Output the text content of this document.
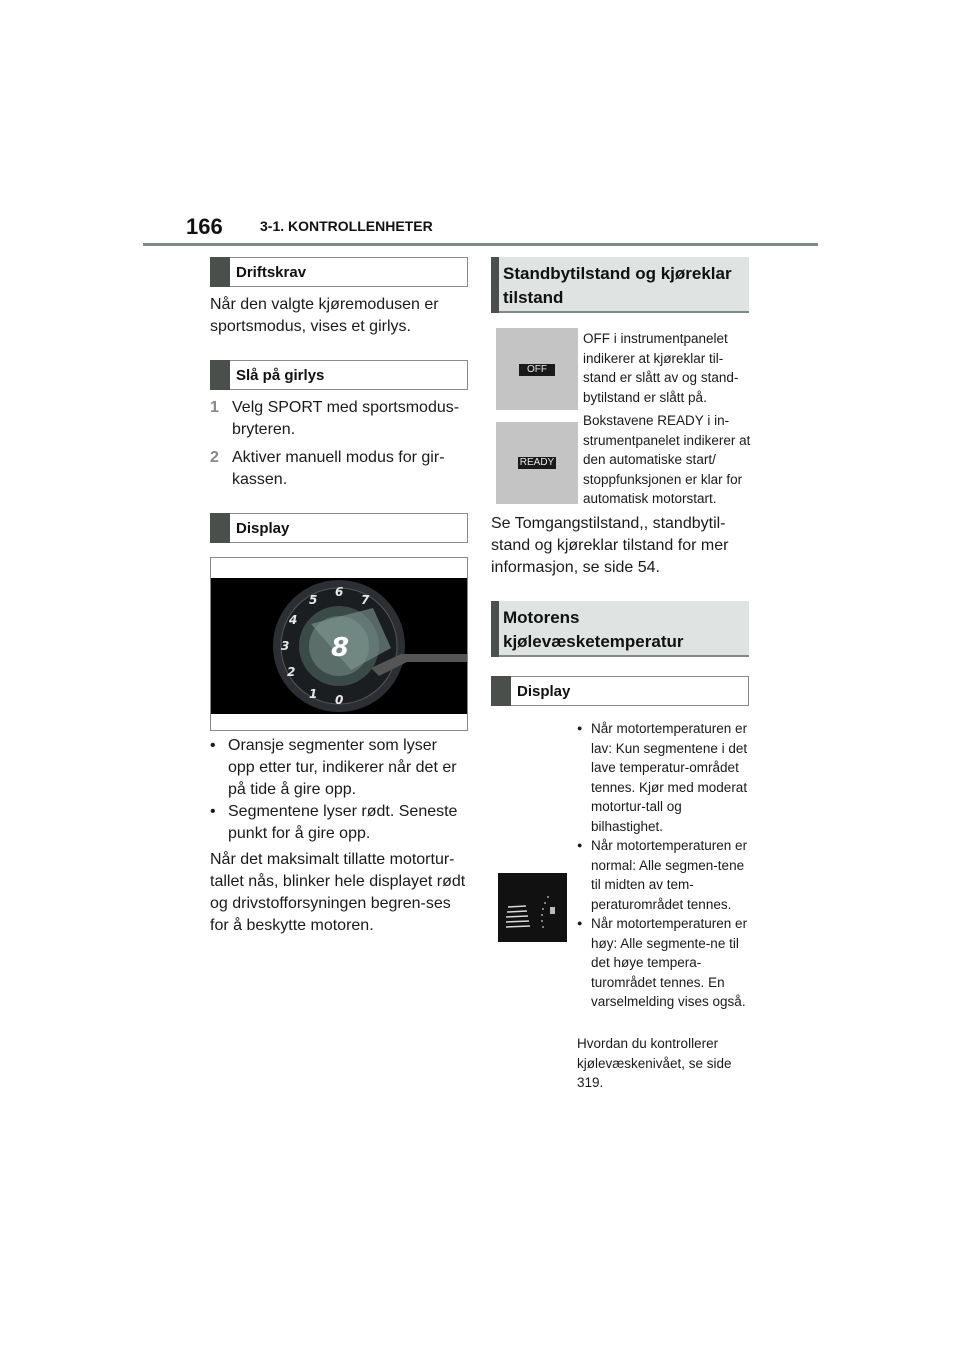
166	3-1. KONTROLLENHETER
Driftskrav
Når den valgte kjøremodusen er sportsmodus, vises et girlys.
Slå på girlys
1 Velg SPORT med sportsmodus-bryteren.
2 Aktiver manuell modus for gir-kassen.
Display
1
2
3
4
5
6
7
0
8
• Oransje segmenter som lyser opp etter tur, indikerer når det er på tide å gire opp.
• Segmentene lyser rødt. Seneste punkt for å gire opp.
Når det maksimalt tillatte motortur-tallet nås, blinker hele displayet rødt og drivstofforsyningen begren-ses for å beskytte motoren.
Standbytilstand og kjøreklar tilstand
OFF
OFF i instrumentpanelet indikerer at kjøreklar til-stand er slått av og stand-bytilstand er slått på.
READY
Bokstavene READY i in-strumentpanelet indikerer at den automatiske start/ stoppfunksjonen er klar for automatisk motorstart.
Se Tomgangstilstand,, standbytil-stand og kjøreklar tilstand for mer informasjon, se side 54.
Motorens
kjølevæsketemperatur
Display
● Når motortemperaturen er lav: Kun segmentene i det lave temperatur-området tennes. Kjør med moderat motortur-tall og bilhastighet.
● Når motortemperaturen er normal: Alle segmen-tene til midten av tem-peraturområdet tennes.
● Når motortemperaturen er høy: Alle segmente-ne til det høye tempera-turområdet tennes. En varselmelding vises også.
Hvordan du kontrollerer kjølevæskenivået, se side 319.
